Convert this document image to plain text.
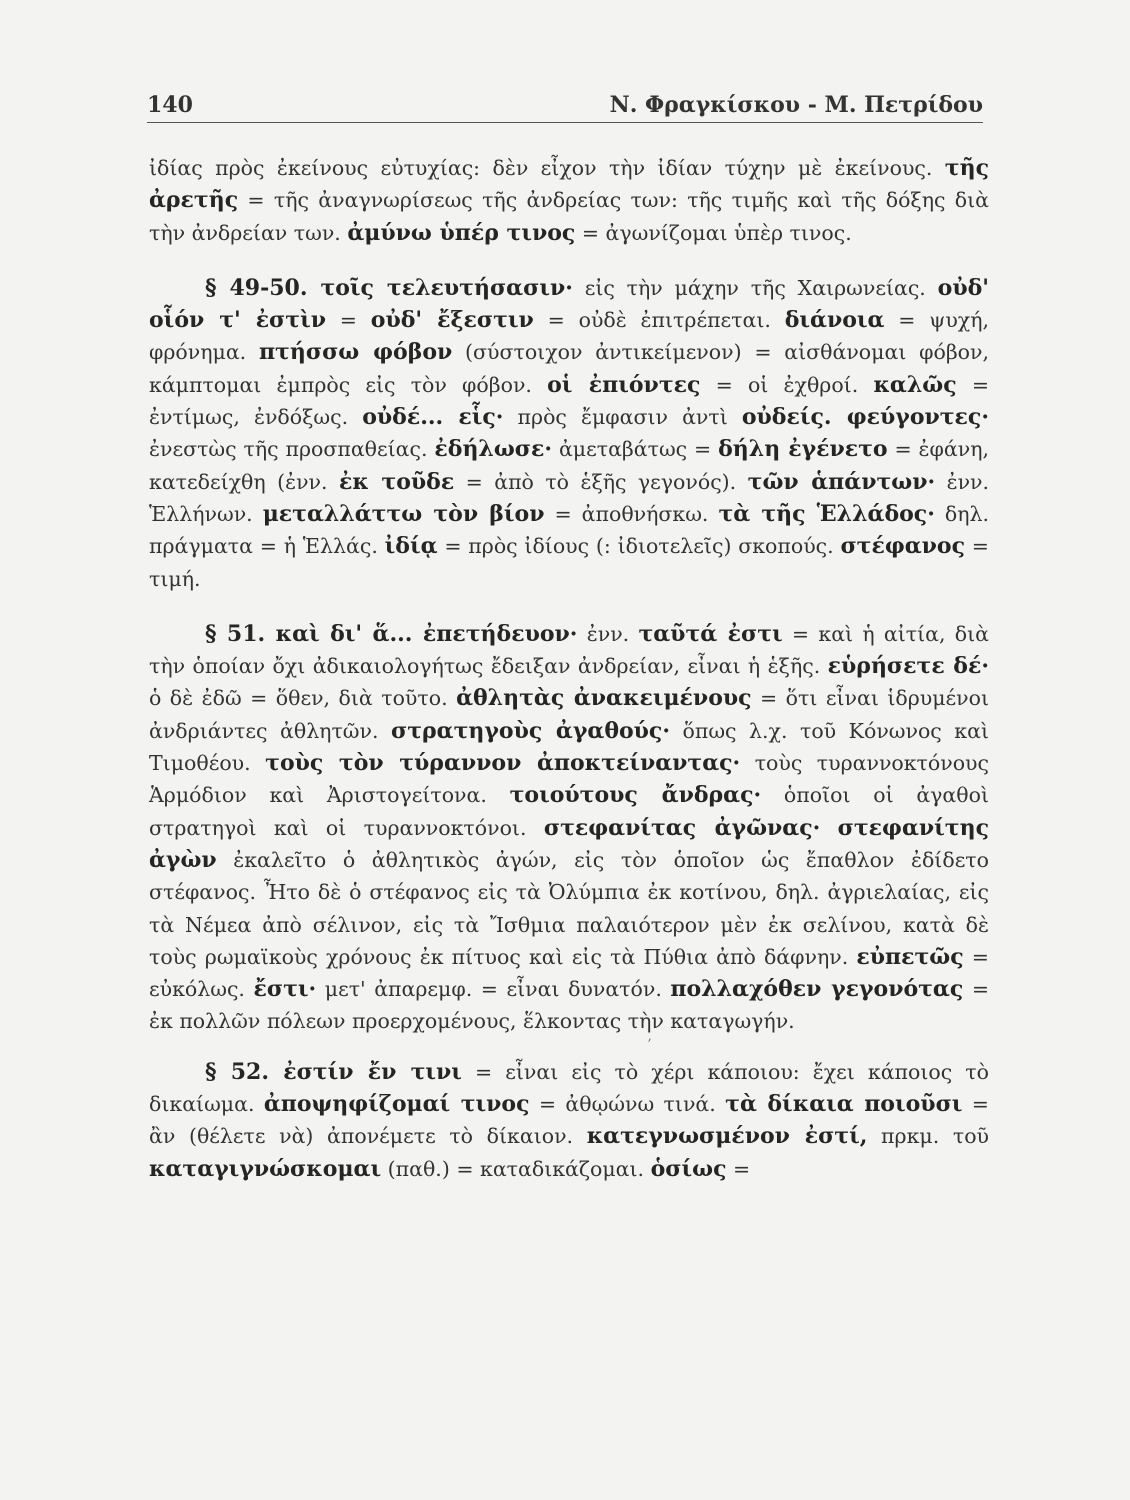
140	Ν. Φραγκίσκου - Μ. Πετρίδου

ἰδίας πρὸς ἐκείνους εὐτυχίας: δὲν εἶχον τὴν ἰδίαν τύχην μὲ ἐκείνους. τῆς ἀρετῆς = τῆς ἀναγνωρίσεως τῆς ἀνδρείας των: τῆς τιμῆς καὶ τῆς δόξης διὰ τὴν ἀνδρείαν των. ἀμύνω ὑπέρ τινος = ἀγωνίζομαι ὑπὲρ τινος.

§ 49-50. τοῖς τελευτήσασιν· εἰς τὴν μάχην τῆς Χαιρωνείας. οὐδ' οἷόν τ' ἐστὶν = οὐδ' ἔξεστιν = οὐδὲ ἐπιτρέπεται. διάνοια = ψυχή, φρόνημα. πτήσσω φόβον (σύστοιχον ἀντικείμενον) = αἰσθάνομαι φόβον, κάμπτομαι ἐμπρὸς εἰς τὸν φόβον. οἱ ἐπιόντες = οἱ ἐχθροί. καλῶς = ἐντίμως, ἐνδόξως. οὐδέ... εἷς· πρὸς ἔμφασιν ἀντὶ οὐδείς. φεύγοντες· ἐνεστὼς τῆς προσπαθείας. ἐδήλωσε· ἀμεταβάτως = δήλη ἐγένετο = ἐφάνη, κατεδείχθη (ἐνν. ἐκ τοῦδε = ἀπὸ τὸ ἑξῆς γεγονός). τῶν ἁπάντων· ἐνν. Ἑλλήνων. μεταλλάττω τὸν βίον = ἀποθνήσκω. τὰ τῆς Ἑλλάδος· δηλ. πράγματα = ἡ Ἑλλάς. ἰδίᾳ = πρὸς ἰδίους (: ἰδιοτελεῖς) σκοπούς. στέφανος = τιμή.

§ 51. καὶ δι' ἅ... ἐπετήδευον· ἐνν. ταῦτά ἐστι = καὶ ἡ αἰτία, διὰ τὴν ὁποίαν ὄχι ἀδικαιολογήτως ἔδειξαν ἀνδρείαν, εἶναι ἡ ἑξῆς. εὑρήσετε δέ· ὁ δὲ ἐδῶ = ὅθεν, διὰ τοῦτο. ἀθλητὰς ἀνακειμένους = ὅτι εἶναι ἱδρυμένοι ἀνδριάντες ἀθλητῶν. στρατηγοὺς ἀγαθούς· ὅπως λ.χ. τοῦ Κόνωνος καὶ Τιμοθέου. τοὺς τὸν τύραννον ἀποκτείναντας· τοὺς τυραννοκτόνους Ἁρμόδιον καὶ Ἀριστογείτονα. τοιούτους ἄνδρας· ὁποῖοι οἱ ἀγαθοὶ στρατηγοὶ καὶ οἱ τυραννοκτόνοι. στεφανίτας ἀγῶνας· στεφανίτης ἀγὼν ἐκαλεῖτο ὁ ἀθλητικὸς ἀγών, εἰς τὸν ὁποῖον ὡς ἔπαθλον ἐδίδετο στέφανος. Ἦτο δὲ ὁ στέφανος εἰς τὰ Ὀλύμπια ἐκ κοτίνου, δηλ. ἀγριελαίας, εἰς τὰ Νέμεα ἀπὸ σέλινον, εἰς τὰ Ἴσθμια παλαιότερον μὲν ἐκ σελίνου, κατὰ δὲ τοὺς ρωμαϊκοὺς χρόνους ἐκ πίτυος καὶ εἰς τὰ Πύθια ἀπὸ δάφνην. εὐπετῶς = εὐκόλως. ἔστι· μετ' ἀπαρεμφ. = εἶναι δυνατόν. πολλαχόθεν γεγονότας = ἐκ πολλῶν πόλεων προερχομένους, ἕλκοντας τὴν καταγωγήν.

ʼ

§ 52. ἐστίν ἔν τινι = εἶναι εἰς τὸ χέρι κάποιου: ἔχει κάποιος τὸ δικαίωμα. ἀποψηφίζομαί τινος = ἀθῳώνω τινά. τὰ δίκαια ποιοῦσι = ἂν (θέλετε νὰ) ἀπονέμετε τὸ δίκαιον. κατεγνωσμένον ἐστί, πρκμ. τοῦ καταγιγνώσκομαι (παθ.) = καταδικάζομαι. ὁσίως =
